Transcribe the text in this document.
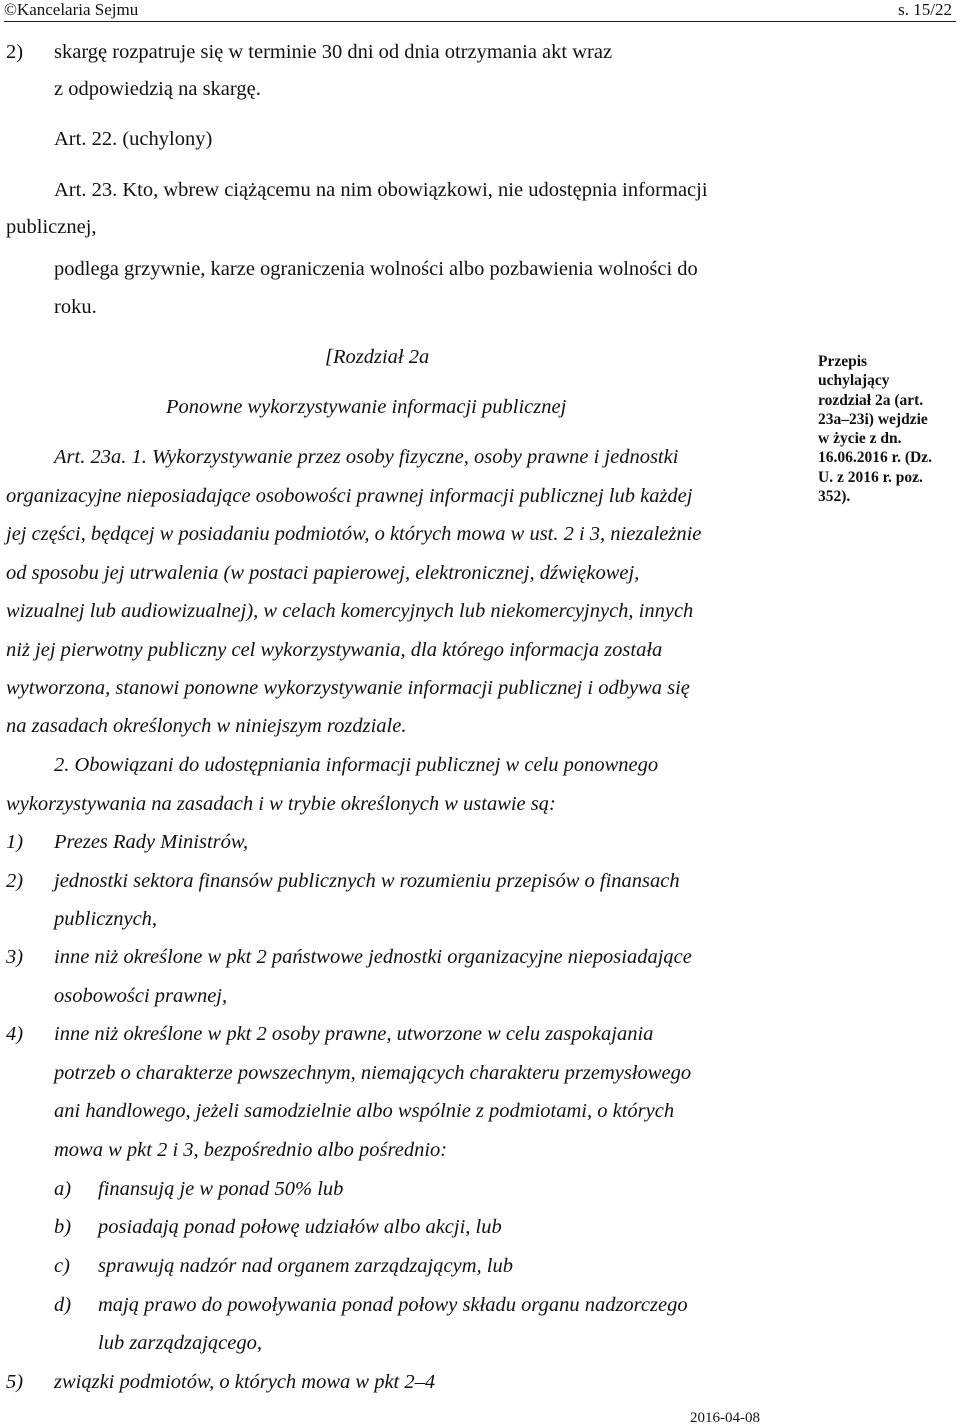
©Kancelaria Sejmu	s. 15/22
2) skargę rozpatruje się w terminie 30 dni od dnia otrzymania akt wraz
z odpowiedzią na skargę.
Art. 22. (uchylony)
Art. 23. Kto, wbrew ciążącemu na nim obowiązkowi, nie udostępnia informacji
publicznej,
podlega grzywnie, karze ograniczenia wolności albo pozbawienia wolności do
roku.
[Rozdział 2a
Ponowne wykorzystywanie informacji publicznej
Art. 23a. 1. Wykorzystywanie przez osoby fizyczne, osoby prawne i jednostki
organizacyjne nieposiadające osobowości prawnej informacji publicznej lub każdej
jej części, będącej w posiadaniu podmiotów, o których mowa w ust. 2 i 3, niezależnie
od sposobu jej utrwalenia (w postaci papierowej, elektronicznej, dźwiękowej,
wizualnej lub audiowizualnej), w celach komercyjnych lub niekomercyjnych, innych
niż jej pierwotny publiczny cel wykorzystywania, dla którego informacja została
wytworzona, stanowi ponowne wykorzystywanie informacji publicznej i odbywa się
na zasadach określonych w niniejszym rozdziale.
2. Obowiązani do udostępniania informacji publicznej w celu ponownego
wykorzystywania na zasadach i w trybie określonych w ustawie są:
1) Prezes Rady Ministrów,
2) jednostki sektora finansów publicznych w rozumieniu przepisów o finansach
publicznych,
3) inne niż określone w pkt 2 państwowe jednostki organizacyjne nieposiadające
osobowości prawnej,
4) inne niż określone w pkt 2 osoby prawne, utworzone w celu zaspokajania
potrzeb o charakterze powszechnym, niemających charakteru przemysłowego
ani handlowego, jeżeli samodzielnie albo wspólnie z podmiotami, o których
mowa w pkt 2 i 3, bezpośrednio albo pośrednio:
a) finansują je w ponad 50% lub
b) posiadają ponad połowę udziałów albo akcji, lub
c) sprawują nadzór nad organem zarządzającym, lub
d) mają prawo do powoływania ponad połowy składu organu nadzorczego
lub zarządzającego,
5) związki podmiotów, o których mowa w pkt 2–4
Przepis
uchylający
rozdział 2a (art.
23a–23i) wejdzie
w życie z dn.
16.06.2016 r. (Dz.
U. z 2016 r. poz.
352).
2016-04-08
